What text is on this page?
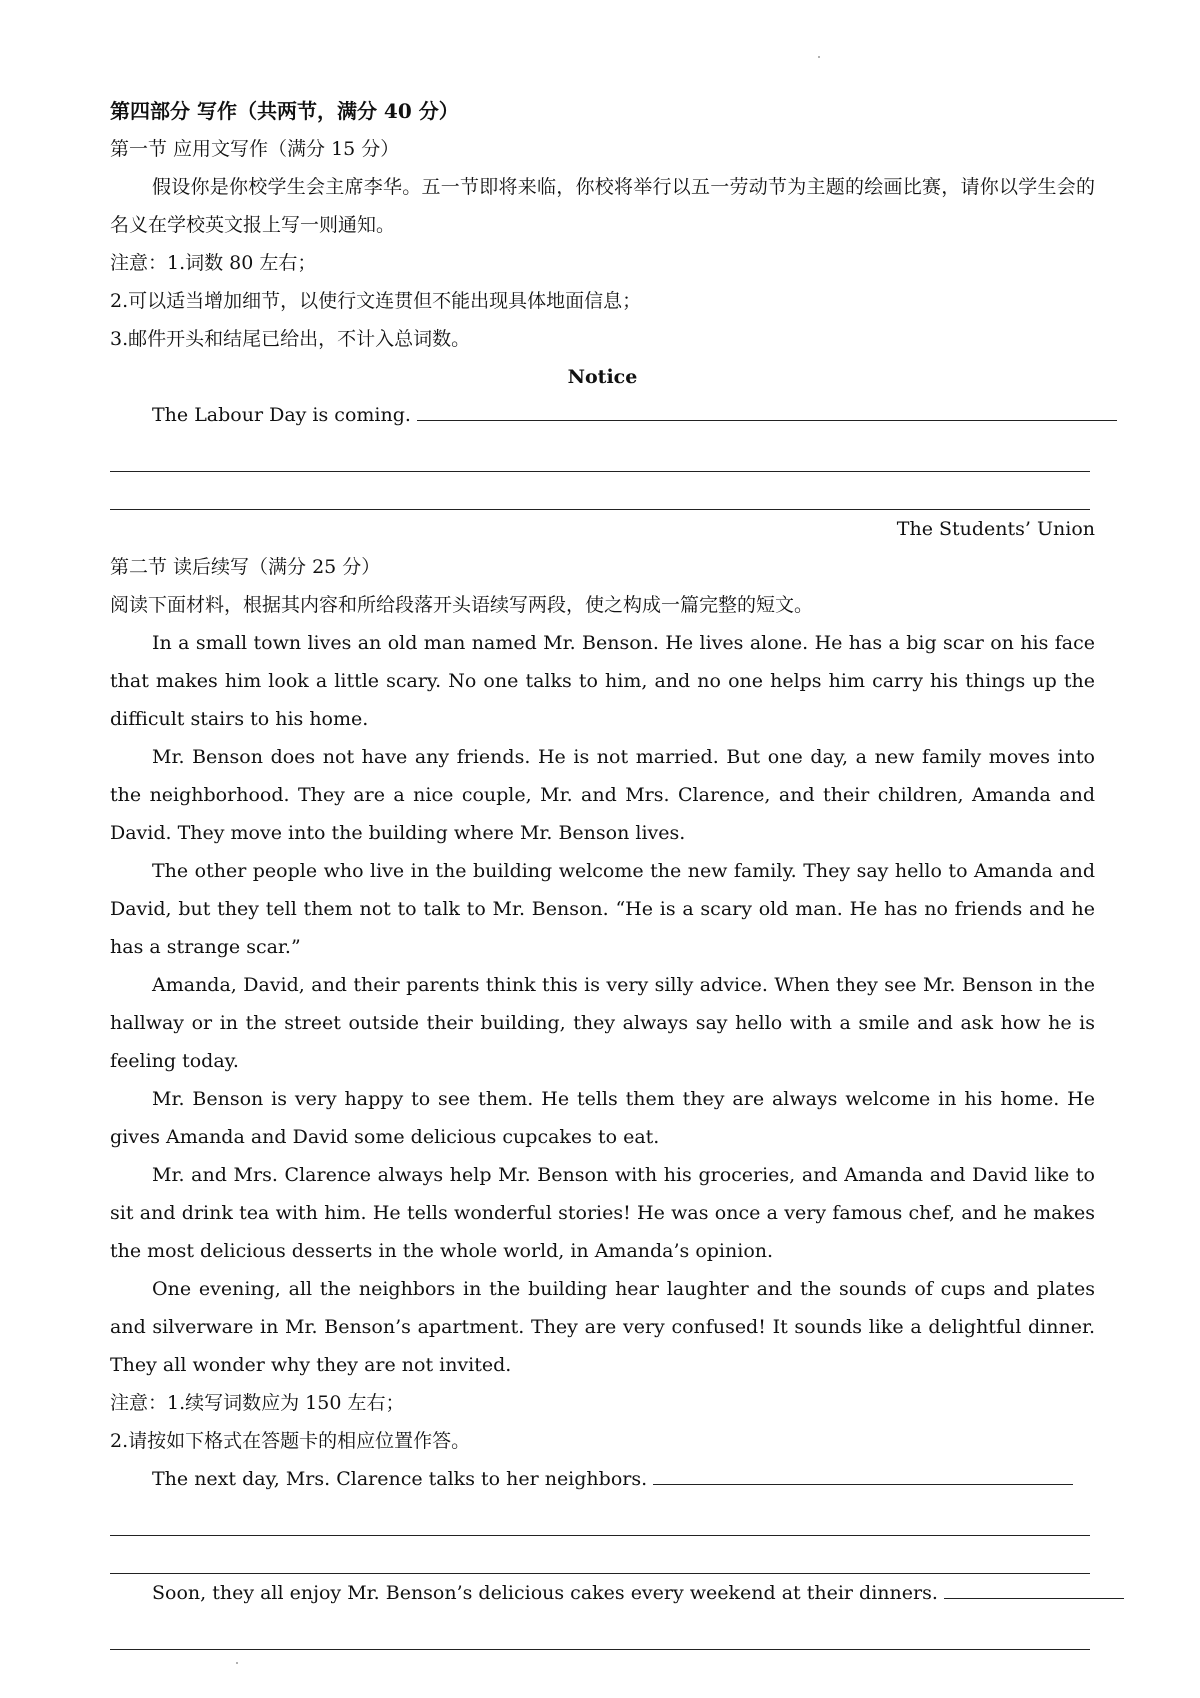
第四部分 写作（共两节，满分 40 分）
第一节 应用文写作（满分 15 分）
假设你是你校学生会主席李华。五一节即将来临，你校将举行以五一劳动节为主题的绘画比赛，请你以学生会的名义在学校英文报上写一则通知。
注意：1.词数 80 左右；
2.可以适当增加细节，以使行文连贯但不能出现具体地面信息；
3.邮件开头和结尾已给出，不计入总词数。
Notice
The Labour Day is coming.
The Students’ Union
第二节 读后续写（满分 25 分）
阅读下面材料，根据其内容和所给段落开头语续写两段，使之构成一篇完整的短文。
In a small town lives an old man named Mr. Benson. He lives alone. He has a big scar on his face that makes him look a little scary. No one talks to him, and no one helps him carry his things up the difficult stairs to his home.
Mr. Benson does not have any friends. He is not married. But one day, a new family moves into the neighborhood. They are a nice couple, Mr. and Mrs. Clarence, and their children, Amanda and David. They move into the building where Mr. Benson lives.
The other people who live in the building welcome the new family. They say hello to Amanda and David, but they tell them not to talk to Mr. Benson. “He is a scary old man. He has no friends and he has a strange scar.”
Amanda, David, and their parents think this is very silly advice. When they see Mr. Benson in the hallway or in the street outside their building, they always say hello with a smile and ask how he is feeling today.
Mr. Benson is very happy to see them. He tells them they are always welcome in his home. He gives Amanda and David some delicious cupcakes to eat.
Mr. and Mrs. Clarence always help Mr. Benson with his groceries, and Amanda and David like to sit and drink tea with him. He tells wonderful stories! He was once a very famous chef, and he makes the most delicious desserts in the whole world, in Amanda’s opinion.
One evening, all the neighbors in the building hear laughter and the sounds of cups and plates and silverware in Mr. Benson’s apartment. They are very confused! It sounds like a delightful dinner. They all wonder why they are not invited.
注意：1.续写词数应为 150 左右；
2.请按如下格式在答题卡的相应位置作答。
The next day, Mrs. Clarence talks to her neighbors.
Soon, they all enjoy Mr. Benson’s delicious cakes every weekend at their dinners.
